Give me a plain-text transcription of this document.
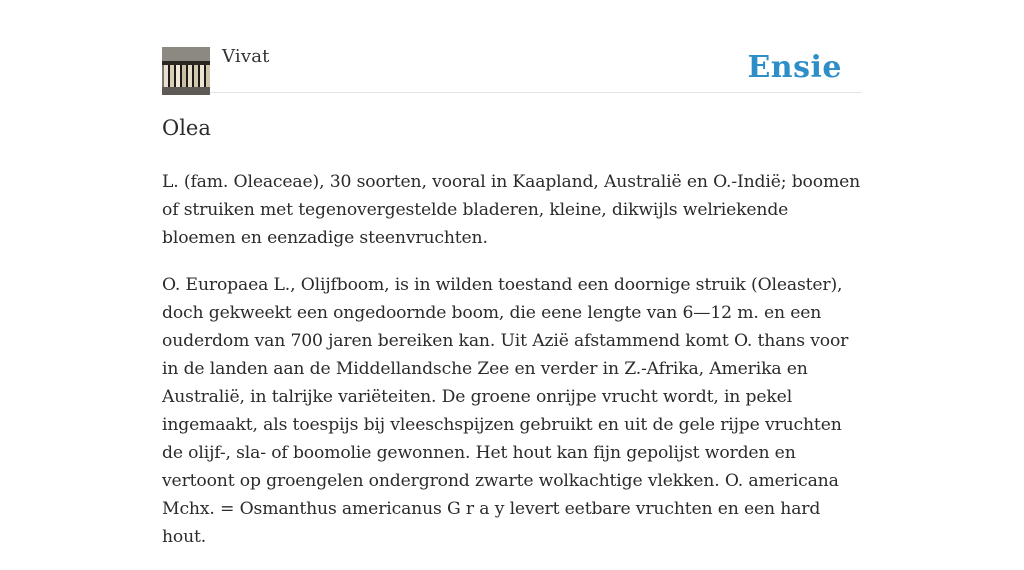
Vivat	Ensie
Olea

L. (fam. Oleaceae), 30 soorten, vooral in Kaapland, Australië en O.-Indië; boomen of struiken met tegenovergestelde bladeren, kleine, dikwijls welriekende bloemen en eenzadige steenvruchten.

O. Europaea L., Olijfboom, is in wilden toestand een doornige struik (Oleaster), doch gekweekt een ongedoornde boom, die eene lengte van 6—12 m. en een ouderdom van 700 jaren bereiken kan. Uit Azië afstammend komt O. thans voor in de landen aan de Middellandsche Zee en verder in Z.-Afrika, Amerika en Australië, in talrijke variëteiten. De groene onrijpe vrucht wordt, in pekel ingemaakt, als toespijs bij vleeschspijzen gebruikt en uit de gele rijpe vruchten de olijf-, sla- of boomolie gewonnen. Het hout kan fijn gepolijst worden en vertoont op groengelen ondergrond zwarte wolkachtige vlekken. O. americana Mchx. = Osmanthus americanus G r a y levert eetbare vruchten en een hard hout.
